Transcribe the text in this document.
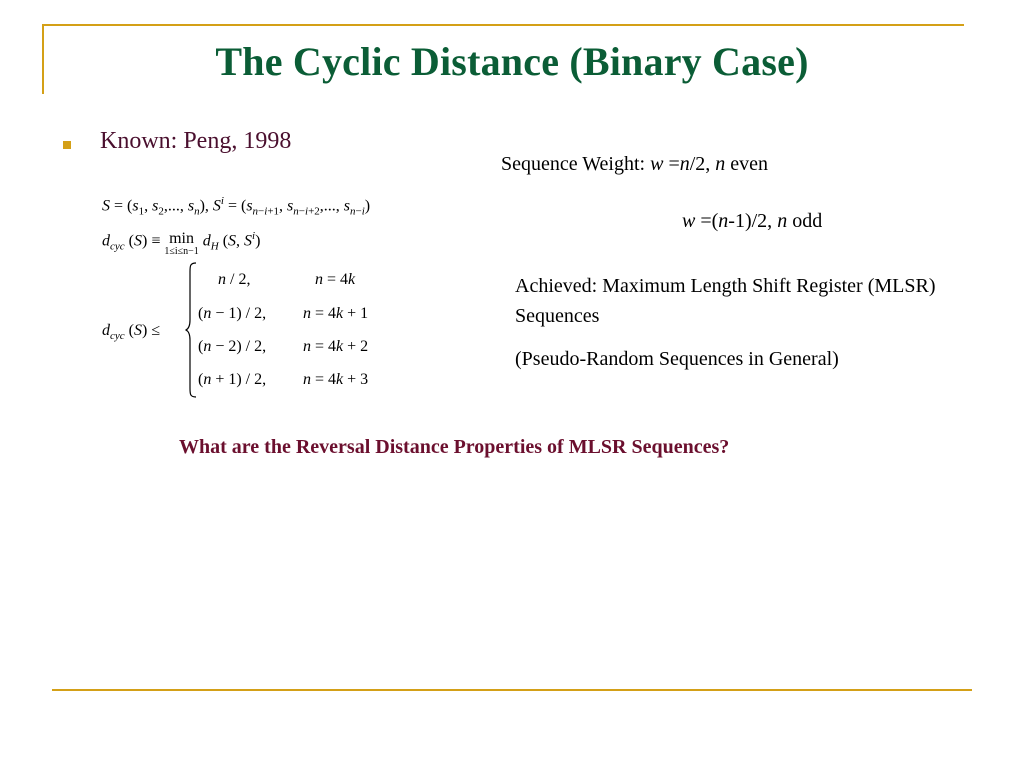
The Cyclic Distance (Binary Case)
Known: Peng, 1998
$S = (s_1$, $s_2$,..., $s_n$), $S^i = (s_{n-i+1}$, $s_{n-i+2}$,..., $s_{n-i}$)
$d_{cyc}$ (S) ≡ min
1≤i≤n−1
$d_H$ (S, $S^i$)
$d_{cyc}$ (S) ≤
n / 2,	n = 4k
(n − 1) / 2, n = 4k + 1
(n − 2) / 2, n = 4k + 2
(n + 1) / 2, n = 4k + 3
Sequence Weight: w =n/2, n even
w =(n-1)/2, n odd
Achieved: Maximum Length Shift Register (MLSR) Sequences
(Pseudo-Random Sequences in General)
What are the Reversal Distance Properties of MLSR Sequences?
